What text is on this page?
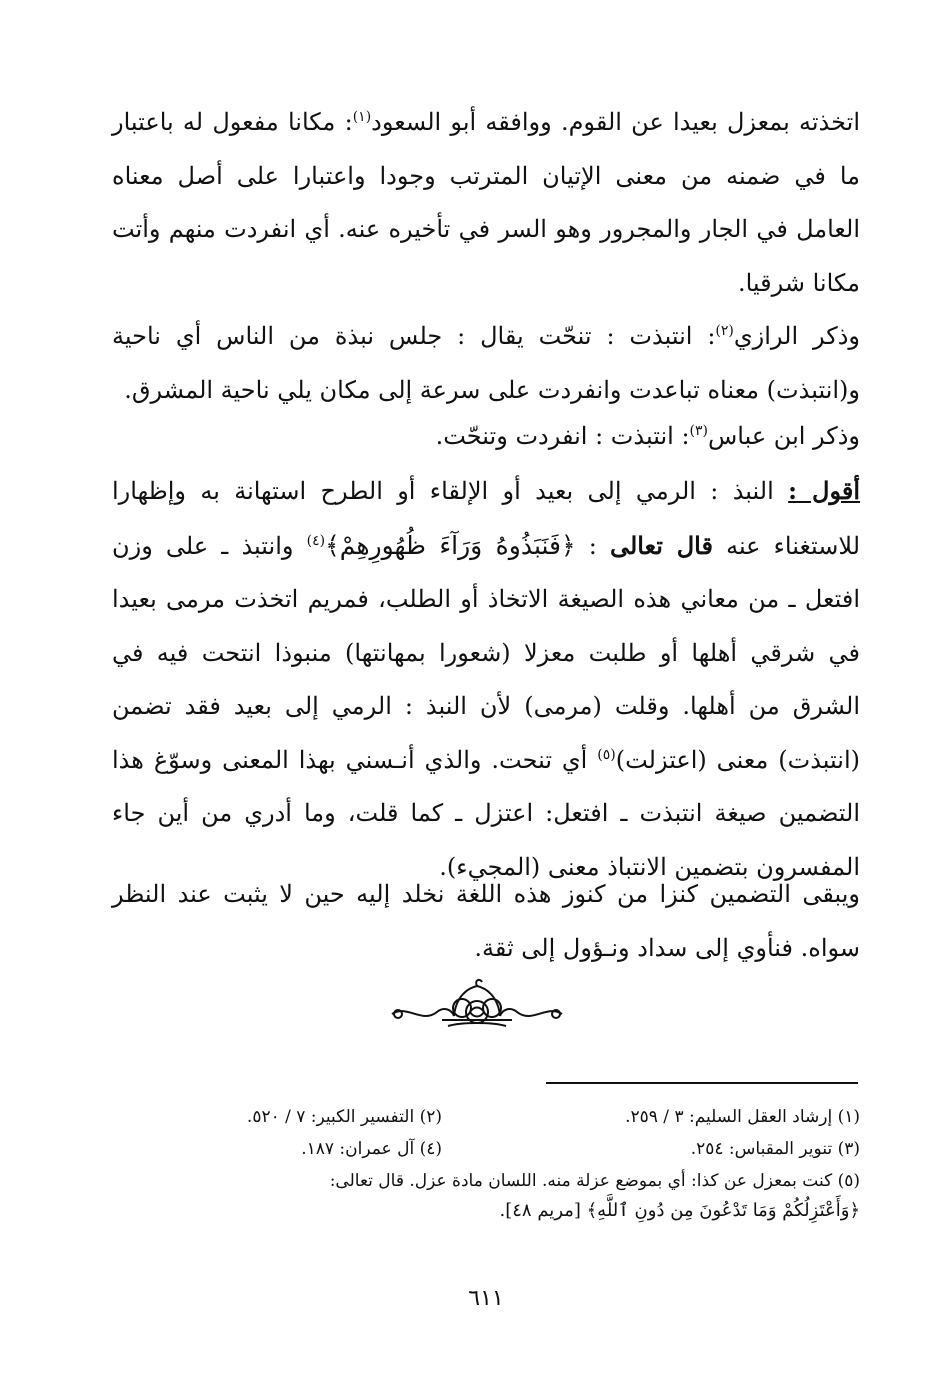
اتخذته بمعزل بعيدا عن القوم. ووافقه أبو السعود$^{(١)}$: مكانا مفعول له باعتبار ما في ضمنه من معنى الإتيان المترتب وجودا واعتبارا على أصل معناه العامل في الجار والمجرور وهو السر في تأخيره عنه. أي انفردت منهم وأتت مكانا شرقيا.

وذكر الرازي$^{(٢)}$: انتبذت : تنحّت يقال : جلس نبذة من الناس أي ناحية و(انتبذت) معناه تباعدت وانفردت على سرعة إلى مكان يلي ناحية المشرق.

وذكر ابن عباس$^{(٣)}$: انتبذت : انفردت وتنحّت.

أقول : النبذ : الرمي إلى بعيد أو الإلقاء أو الطرح استهانة به وإظهارا للاستغناء عنه قال تعالى : ﴿فَنَبَذُوهُ وَرَآءَ ظُهُورِهِمْ﴾$^{(٤)}$ وانتبذ ـ على وزن افتعل ـ من معاني هذه الصيغة الاتخاذ أو الطلب، فمريم اتخذت مرمى بعيدا في شرقي أهلها أو طلبت معزلا (شعورا بمهانتها) منبوذا انتحت فيه في الشرق من أهلها. وقلت (مرمى) لأن النبذ : الرمي إلى بعيد فقد تضمن (انتبذت) معنى (اعتزلت)$^{(٥)}$ أي تنحت. والذي أنـسني بهذا المعنى وسوّغ هذا التضمين صيغة انتبذت ـ افتعل: اعتزل ـ كما قلت، وما أدري من أين جاء المفسرون بتضمين الانتباذ معنى (المجيء).

ويبقى التضمين كنزا من كنوز هذه اللغة نخلد إليه حين لا يثبت عند النظر سواه. فنأوي إلى سداد ونـؤول إلى ثقة.

(١) إرشاد العقل السليم: ٣ / ٢٥٩.
(٢) التفسير الكبير: ٧ / ٥٢٠.
(٣) تنوير المقباس: ٢٥٤.
(٤) آل عمران: ١٨٧.
(٥) كنت بمعزل عن كذا: أي بموضع عزلة منه. اللسان مادة عزل. قال تعالى:
﴿وَأَعْتَزِلُكُمْ وَمَا تَدْعُونَ مِن دُونِ ٱللَّهِ﴾ [مريم ٤٨].
٦١١
